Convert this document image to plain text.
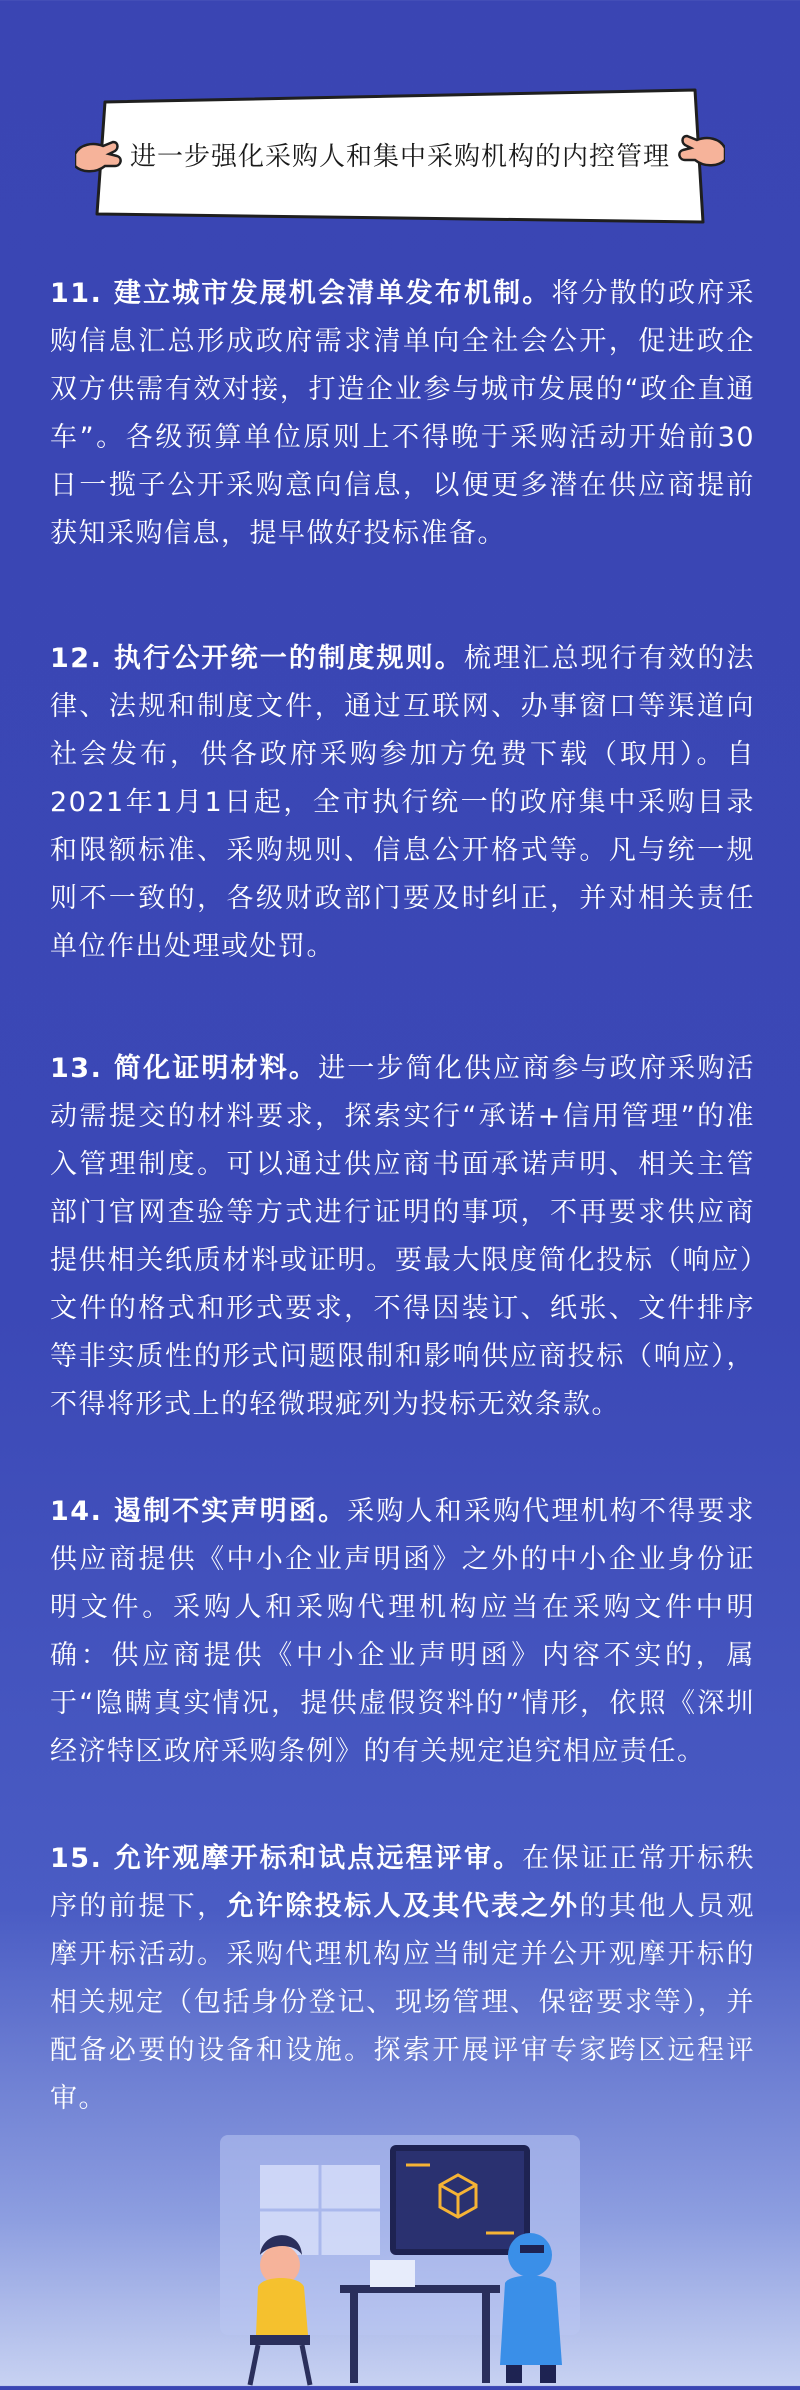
进一步强化采购人和集中采购机构的内控管理
11. 建立城市发展机会清单发布机制。将分散的政府采购信息汇总形成政府需求清单向全社会公开，促进政企双方供需有效对接，打造企业参与城市发展的“政企直通车”。各级预算单位原则上不得晚于采购活动开始前30日一揽子公开采购意向信息，以便更多潜在供应商提前获知采购信息，提早做好投标准备。
12. 执行公开统一的制度规则。梳理汇总现行有效的法律、法规和制度文件，通过互联网、办事窗口等渠道向社会发布，供各政府采购参加方免费下载（取用）。自2021年1月1日起，全市执行统一的政府集中采购目录和限额标准、采购规则、信息公开格式等。凡与统一规则不一致的，各级财政部门要及时纠正，并对相关责任单位作出处理或处罚。
13. 简化证明材料。进一步简化供应商参与政府采购活动需提交的材料要求，探索实行“承诺+信用管理”的准入管理制度。可以通过供应商书面承诺声明、相关主管部门官网查验等方式进行证明的事项，不再要求供应商提供相关纸质材料或证明。要最大限度简化投标（响应）文件的格式和形式要求，不得因装订、纸张、文件排序等非实质性的形式问题限制和影响供应商投标（响应），不得将形式上的轻微瑕疵列为投标无效条款。
14. 遏制不实声明函。采购人和采购代理机构不得要求供应商提供《中小企业声明函》之外的中小企业身份证明文件。采购人和采购代理机构应当在采购文件中明确：供应商提供《中小企业声明函》内容不实的，属于“隐瞒真实情况，提供虚假资料的”情形，依照《深圳经济特区政府采购条例》的有关规定追究相应责任。
15. 允许观摩开标和试点远程评审。在保证正常开标秩序的前提下，允许除投标人及其代表之外的其他人员观摩开标活动。采购代理机构应当制定并公开观摩开标的相关规定（包括身份登记、现场管理、保密要求等），并配备必要的设备和设施。探索开展评审专家跨区远程评审。
